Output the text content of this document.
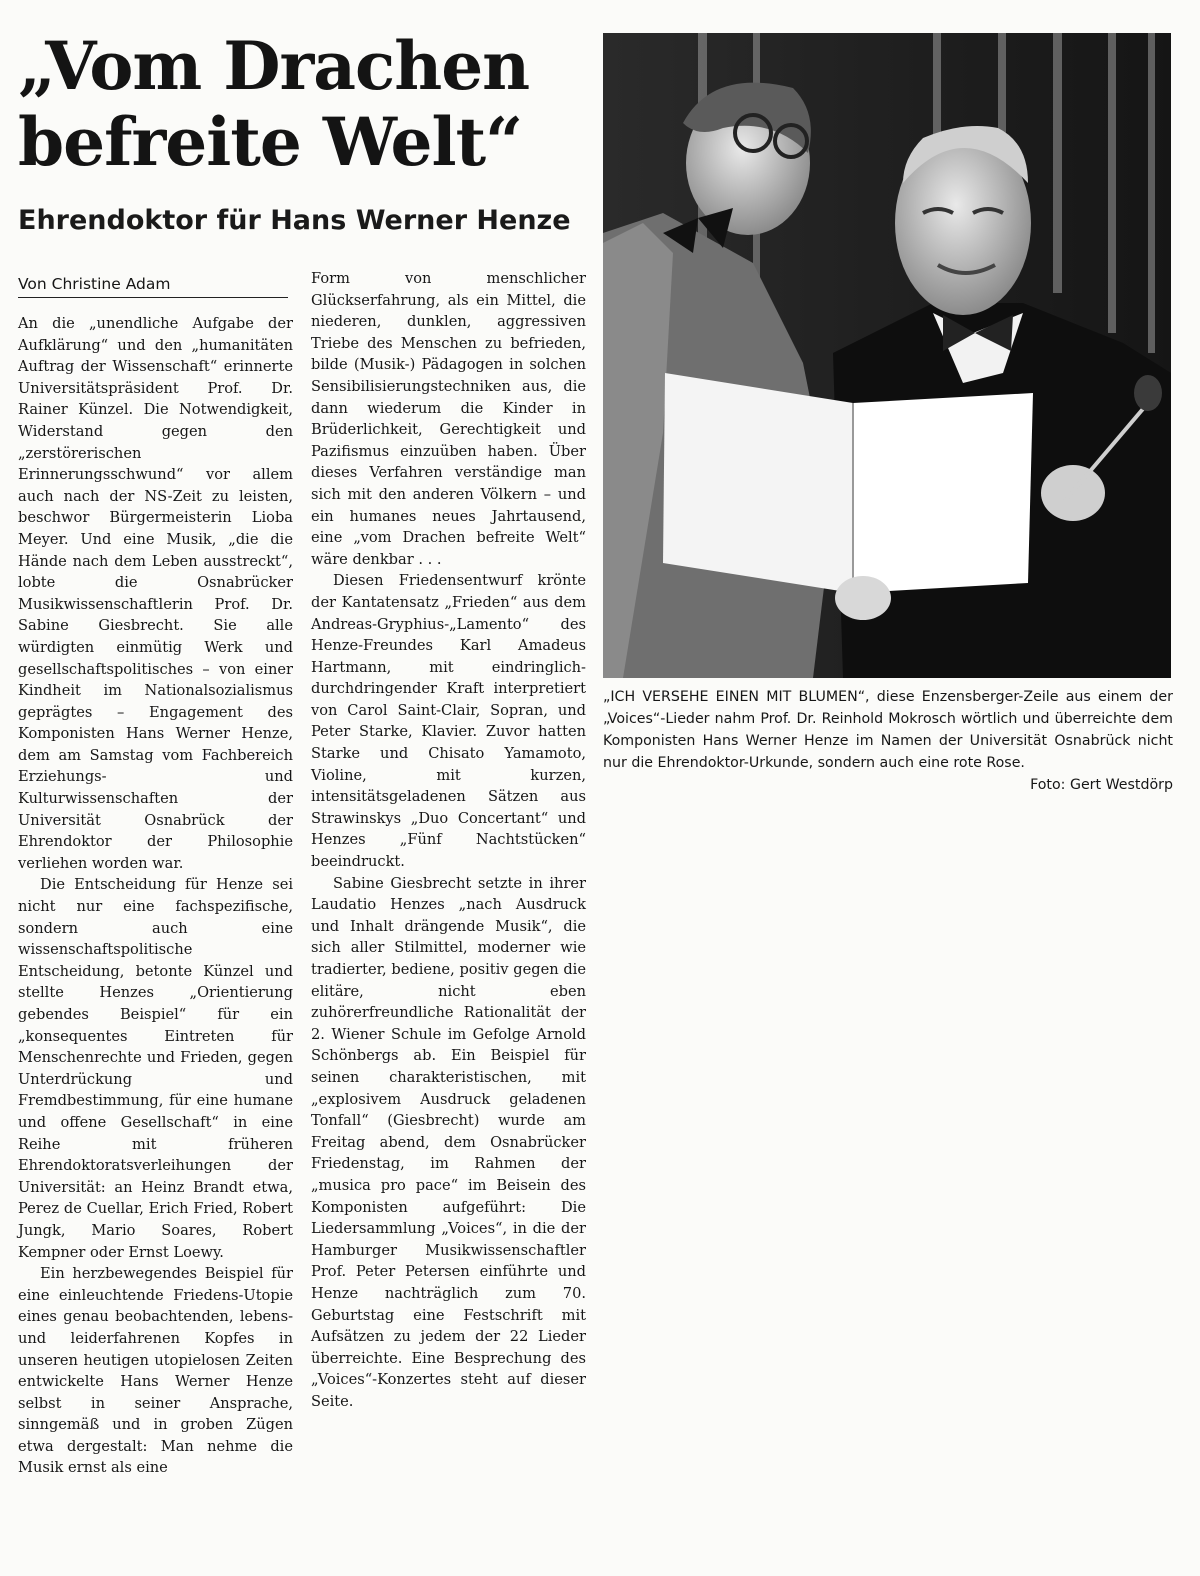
„Vom Drachen
befreite Welt“
Ehrendoktor für Hans Werner Henze
Von Christine Adam

An die „unendliche Aufgabe der Aufklärung“ und den „humanitäten Auftrag der Wissenschaft“ erinnerte Universitätspräsident Prof. Dr. Rainer Künzel. Die Notwendigkeit, Widerstand gegen den „zerstörerischen Erinnerungsschwund“ vor allem auch nach der NS-Zeit zu leisten, beschwor Bürgermeisterin Lioba Meyer. Und eine Musik, „die die Hände nach dem Leben ausstreckt“, lobte die Osnabrücker Musikwissenschaftlerin Prof. Dr. Sabine Giesbrecht. Sie alle würdigten einmütig Werk und gesellschaftspolitisches – von einer Kindheit im Nationalsozialismus geprägtes – Engagement des Komponisten Hans Werner Henze, dem am Samstag vom Fachbereich Erziehungs- und Kulturwissenschaften der Universität Osnabrück der Ehrendoktor der Philosophie verliehen worden war.

Die Entscheidung für Henze sei nicht nur eine fachspezifische, sondern auch eine wissenschaftspolitische Entscheidung, betonte Künzel und stellte Henzes „Orientierung gebendes Beispiel“ für ein „konsequentes Eintreten für Menschenrechte und Frieden, gegen Unterdrückung und Fremdbestimmung, für eine humane und offene Gesellschaft“ in eine Reihe mit früheren Ehrendoktoratsverleihungen der Universität: an Heinz Brandt etwa, Perez de Cuellar, Erich Fried, Robert Jungk, Mario Soares, Robert Kempner oder Ernst Loewy.

Ein herzbewegendes Beispiel für eine einleuchtende Friedens-Utopie eines genau beobachtenden, lebens- und leiderfahrenen Kopfes in unseren heutigen utopielosen Zeiten entwickelte Hans Werner Henze selbst in seiner Ansprache, sinngemäß und in groben Zügen etwa dergestalt: Man nehme die Musik ernst als eine

Form von menschlicher Glückserfahrung, als ein Mittel, die niederen, dunklen, aggressiven Triebe des Menschen zu befrieden, bilde (Musik-) Pädagogen in solchen Sensibilisierungstechniken aus, die dann wiederum die Kinder in Brüderlichkeit, Gerechtigkeit und Pazifismus einzuüben haben. Über dieses Verfahren verständige man sich mit den anderen Völkern – und ein humanes neues Jahrtausend, eine „vom Drachen befreite Welt“ wäre denkbar . . .

Diesen Friedensentwurf krönte der Kantatensatz „Frieden“ aus dem Andreas-Gryphius-„Lamento“ des Henze-Freundes Karl Amadeus Hartmann, mit eindringlich-durchdringender Kraft interpretiert von Carol Saint-Clair, Sopran, und Peter Starke, Klavier. Zuvor hatten Starke und Chisato Yamamoto, Violine, mit kurzen, intensitätsgeladenen Sätzen aus Strawinskys „Duo Concertant“ und Henzes „Fünf Nachtstücken“ beeindruckt.

Sabine Giesbrecht setzte in ihrer Laudatio Henzes „nach Ausdruck und Inhalt drängende Musik“, die sich aller Stilmittel, moderner wie tradierter, bediene, positiv gegen die elitäre, nicht eben zuhörerfreundliche Rationalität der 2. Wiener Schule im Gefolge Arnold Schönbergs ab. Ein Beispiel für seinen charakteristischen, mit „explosivem Ausdruck geladenen Tonfall“ (Giesbrecht) wurde am Freitag abend, dem Osnabrücker Friedenstag, im Rahmen der „musica pro pace“ im Beisein des Komponisten aufgeführt: Die Liedersammlung „Voices“, in die der Hamburger Musikwissenschaftler Prof. Peter Petersen einführte und Henze nachträglich zum 70. Geburtstag eine Festschrift mit Aufsätzen zu jedem der 22 Lieder überreichte. Eine Besprechung des „Voices“-Konzertes steht auf dieser Seite.

„ICH VERSEHE EINEN MIT BLUMEN“, diese Enzensberger-Zeile aus einem der „Voices“-Lieder nahm Prof. Dr. Reinhold Mokrosch wörtlich und überreichte dem Komponisten Hans Werner Henze im Namen der Universität Osnabrück nicht nur die Ehrendoktor-Urkunde, sondern auch eine rote Rose.
Foto: Gert Westdörp
